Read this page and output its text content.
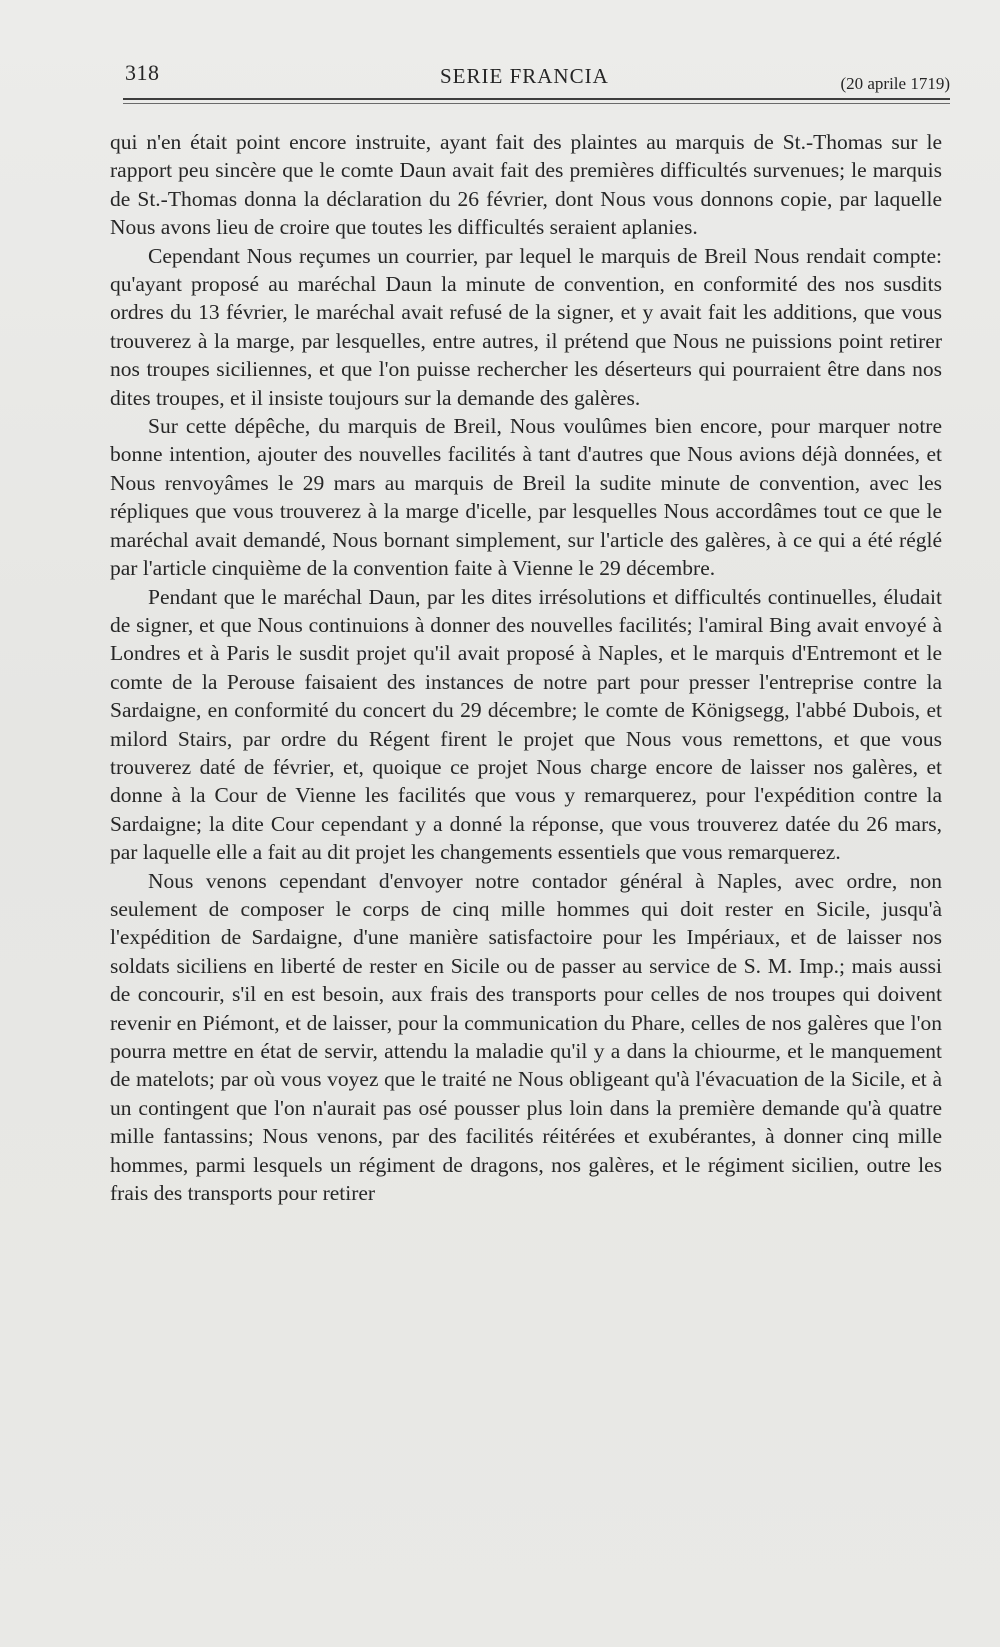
318	SERIE FRANCIA	(20 aprile 1719)

qui n'en était point encore instruite, ayant fait des plaintes au marquis de St.-Thomas sur le rapport peu sincère que le comte Daun avait fait des premières difficultés survenues; le marquis de St.-Thomas donna la déclaration du 26 février, dont Nous vous donnons copie, par laquelle Nous avons lieu de croire que toutes les difficultés seraient aplanies.

Cependant Nous reçumes un courrier, par lequel le marquis de Breil Nous rendait compte: qu'ayant proposé au maréchal Daun la minute de convention, en conformité des nos susdits ordres du 13 février, le maréchal avait refusé de la signer, et y avait fait les additions, que vous trouverez à la marge, par lesquelles, entre autres, il prétend que Nous ne puissions point retirer nos troupes siciliennes, et que l'on puisse rechercher les déserteurs qui pourraient être dans nos dites troupes, et il insiste toujours sur la demande des galères.

Sur cette dépêche, du marquis de Breil, Nous voulûmes bien encore, pour marquer notre bonne intention, ajouter des nouvelles facilités à tant d'autres que Nous avions déjà données, et Nous renvoyâmes le 29 mars au marquis de Breil la sudite minute de convention, avec les répliques que vous trouverez à la marge d'icelle, par lesquelles Nous accordâmes tout ce que le maréchal avait demandé, Nous bornant simplement, sur l'article des galères, à ce qui a été réglé par l'article cinquième de la convention faite à Vienne le 29 décembre.

Pendant que le maréchal Daun, par les dites irrésolutions et difficultés continuelles, éludait de signer, et que Nous continuions à donner des nouvelles facilités; l'amiral Bing avait envoyé à Londres et à Paris le susdit projet qu'il avait proposé à Naples, et le marquis d'Entremont et le comte de la Perouse faisaient des instances de notre part pour presser l'entreprise contre la Sardaigne, en conformité du concert du 29 décembre; le comte de Königsegg, l'abbé Dubois, et milord Stairs, par ordre du Régent firent le projet que Nous vous remettons, et que vous trouverez daté de février, et, quoique ce projet Nous charge encore de laisser nos galères, et donne à la Cour de Vienne les facilités que vous y remarquerez, pour l'expédition contre la Sardaigne; la dite Cour cependant y a donné la réponse, que vous trouverez datée du 26 mars, par laquelle elle a fait au dit projet les changements essentiels que vous remarquerez.

Nous venons cependant d'envoyer notre contador général à Naples, avec ordre, non seulement de composer le corps de cinq mille hommes qui doit rester en Sicile, jusqu'à l'expédition de Sardaigne, d'une manière satisfactoire pour les Impériaux, et de laisser nos soldats siciliens en liberté de rester en Sicile ou de passer au service de S. M. Imp.; mais aussi de concourir, s'il en est besoin, aux frais des transports pour celles de nos troupes qui doivent revenir en Piémont, et de laisser, pour la communication du Phare, celles de nos galères que l'on pourra mettre en état de servir, attendu la maladie qu'il y a dans la chiourme, et le manquement de matelots; par où vous voyez que le traité ne Nous obligeant qu'à l'évacuation de la Sicile, et à un contingent que l'on n'aurait pas osé pousser plus loin dans la première demande qu'à quatre mille fantassins; Nous venons, par des facilités réitérées et exubérantes, à donner cinq mille hommes, parmi lesquels un régiment de dragons, nos galères, et le régiment sicilien, outre les frais des transports pour retirer
